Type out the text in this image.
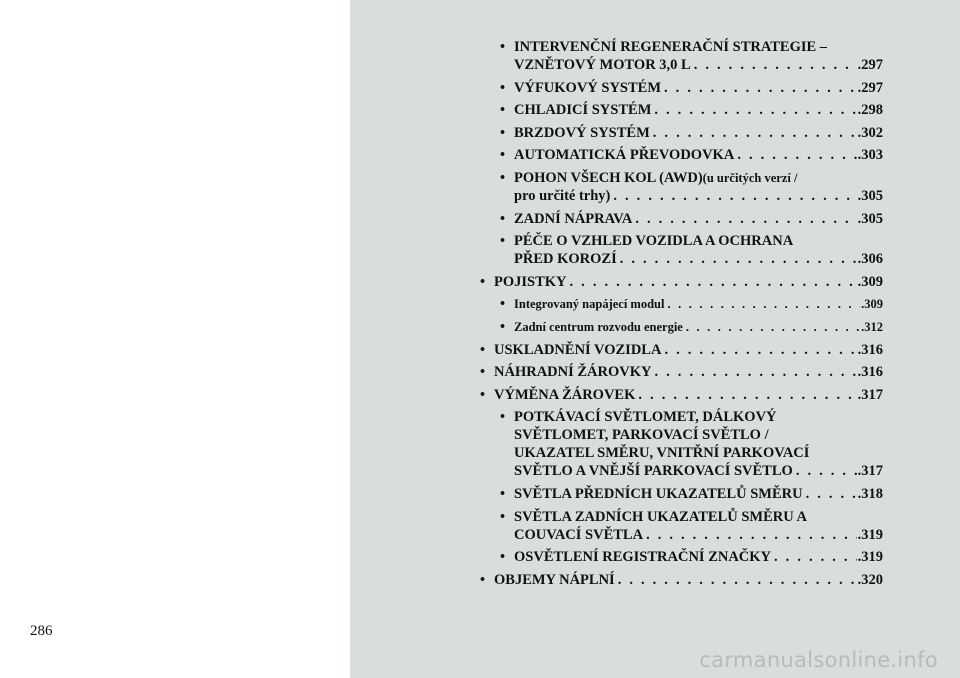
286
• INTERVENČNÍ REGENERAČNÍ STRATEGIE –
VZNĚTOVÝ MOTOR 3,0 L . . .	.297
• VÝFUKOVÝ SYSTÉM . . .	.297
• CHLADICÍ SYSTÉM . . .	.298
• BRZDOVÝ SYSTÉM . . .	.302
• AUTOMATICKÁ PŘEVODOVKA . . .	.303
• POHON VŠECH KOL (AWD) (u určitých verzí /
pro určité trhy) . . .	.305
• ZADNÍ NÁPRAVA . . .	.305
• PÉČE O VZHLED VOZIDLA A OCHRANA
PŘED KOROZÍ . . .	.306
• POJISTKY . . .	.309
• Integrovaný napájecí modul . . .	.309
• Zadní centrum rozvodu energie . . .	.312
• USKLADNĚNÍ VOZIDLA . . .	.316
• NÁHRADNÍ ŽÁROVKY . . .	.316
• VÝMĚNA ŽÁROVEK . . .	.317
• POTKÁVACÍ SVĚTLOMET, DÁLKOVÝ
SVĚTLOMET, PARKOVACÍ SVĚTLO /
UKAZATEL SMĚRU, VNITŘNÍ PARKOVACÍ
SVĚTLO A VNĚJŠÍ PARKOVACÍ SVĚTLO . . .	.317
• SVĚTLA PŘEDNÍCH UKAZATELŮ SMĚRU . . .	.318
• SVĚTLA ZADNÍCH UKAZATELŮ SMĚRU A
COUVACÍ SVĚTLA . . .	.319
• OSVĚTLENÍ REGISTRAČNÍ ZNAČKY . . .	.319
• OBJEMY NÁPLNÍ . . .	.320
carmanualsonline.info
